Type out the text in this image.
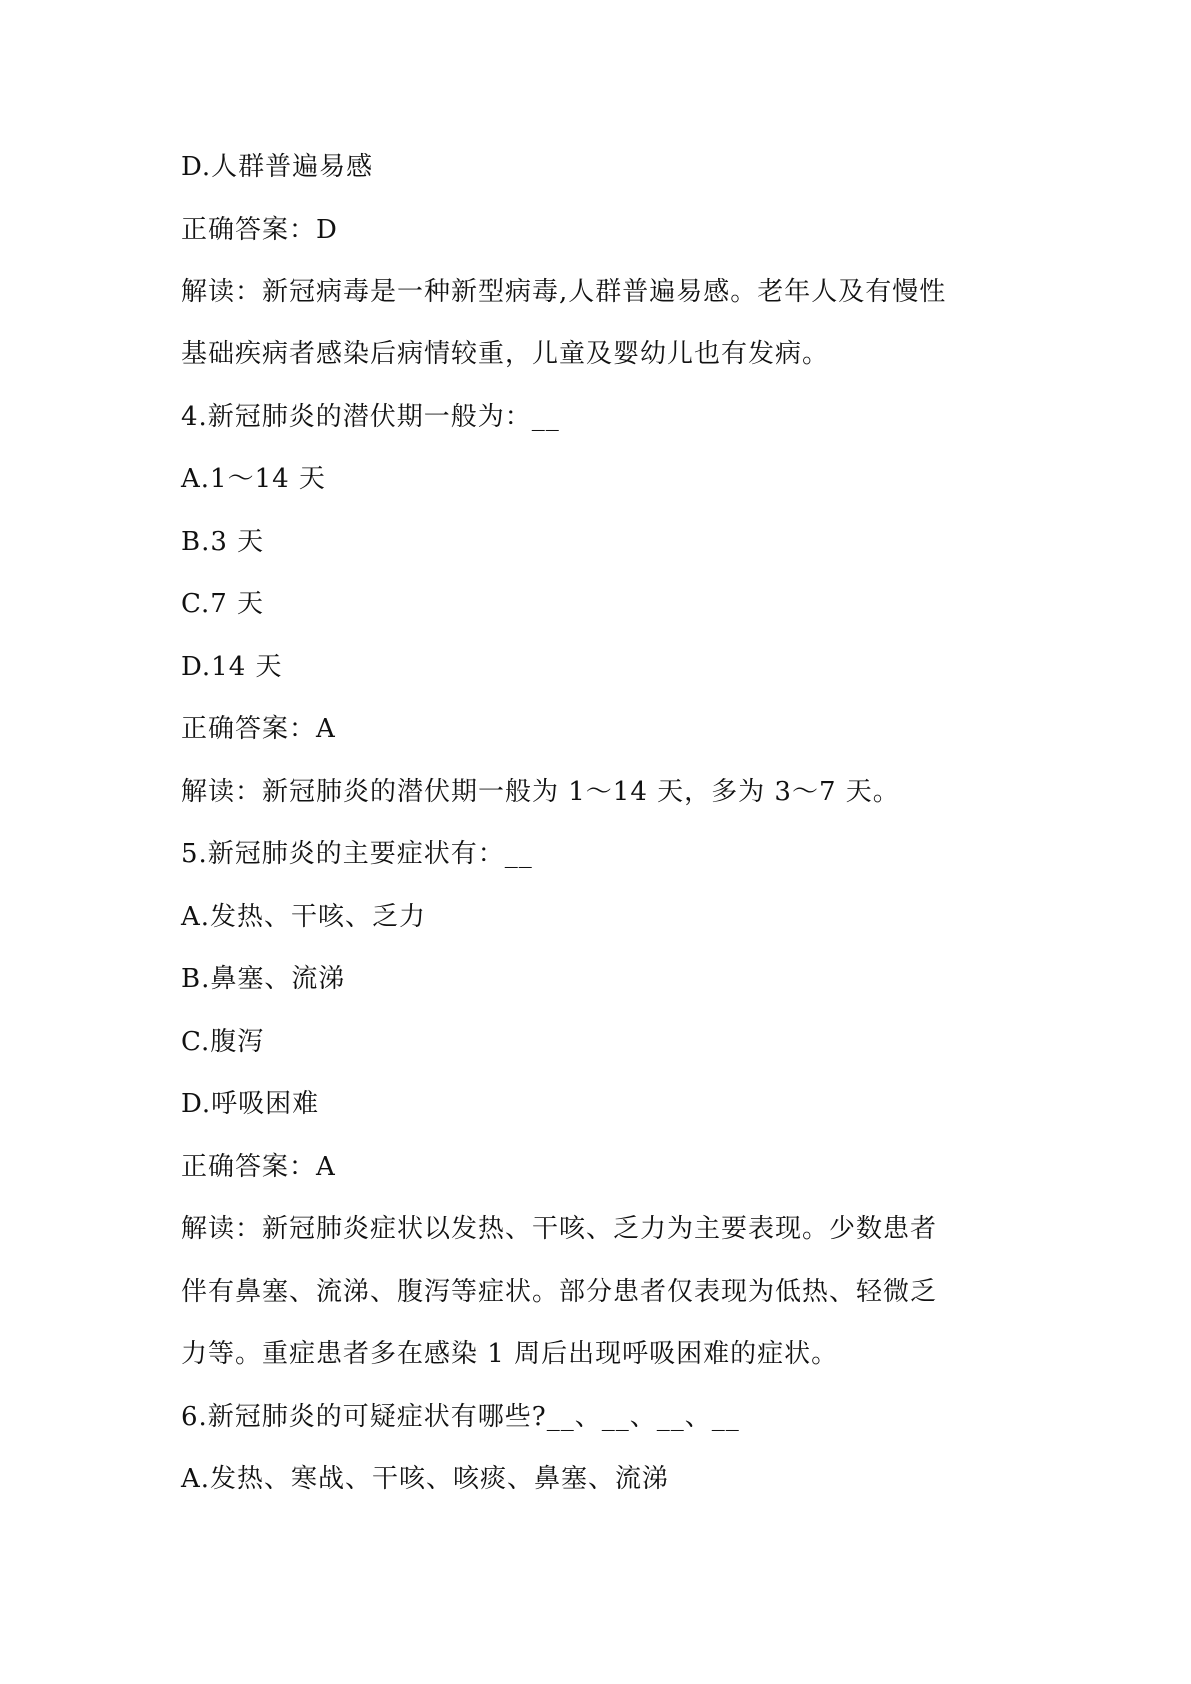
D.人群普遍易感
正确答案：D
解读：新冠病毒是一种新型病毒,人群普遍易感。老年人及有慢性
基础疾病者感染后病情较重，儿童及婴幼儿也有发病。
4.新冠肺炎的潜伏期一般为：__
A.1～14 天
B.3 天
C.7 天
D.14 天
正确答案：A
解读：新冠肺炎的潜伏期一般为 1～14 天，多为 3～7 天。
5.新冠肺炎的主要症状有：__
A.发热、干咳、乏力
B.鼻塞、流涕
C.腹泻
D.呼吸困难
正确答案：A
解读：新冠肺炎症状以发热、干咳、乏力为主要表现。少数患者
伴有鼻塞、流涕、腹泻等症状。部分患者仅表现为低热、轻微乏
力等。重症患者多在感染 1 周后出现呼吸困难的症状。
6.新冠肺炎的可疑症状有哪些?__、__、__、__
A.发热、寒战、干咳、咳痰、鼻塞、流涕
